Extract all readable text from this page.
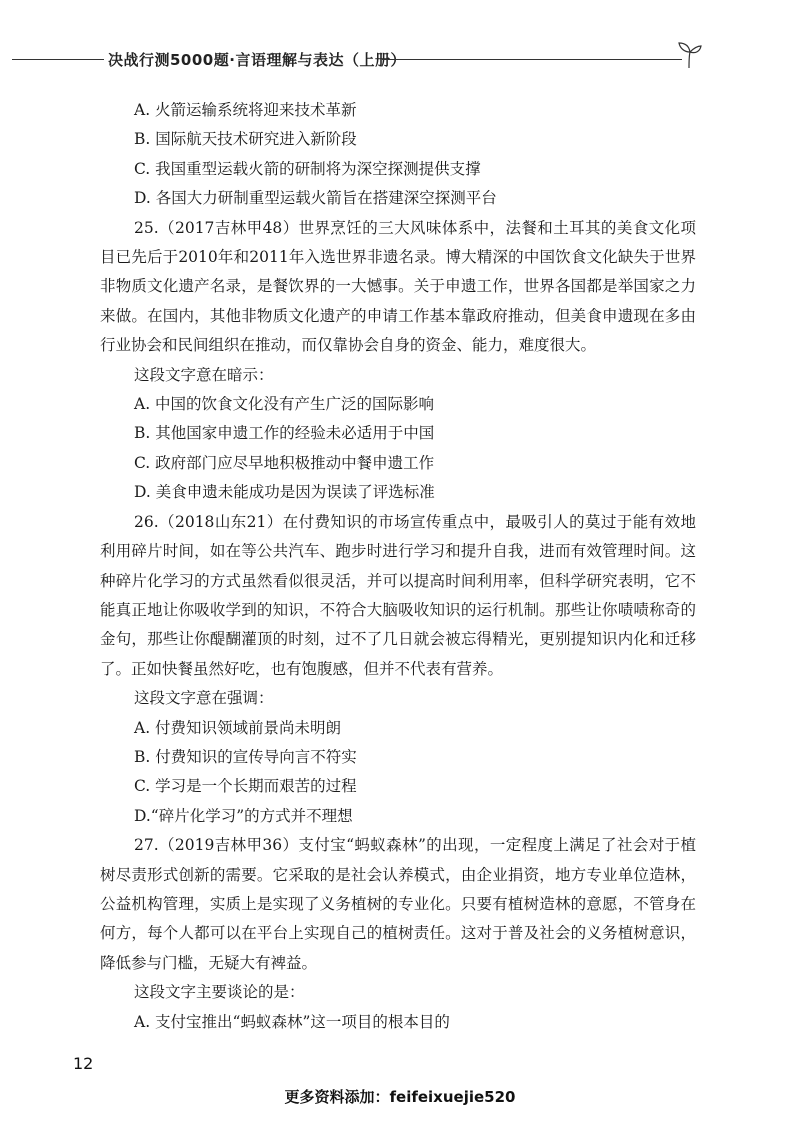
决战行测5000题·言语理解与表达（上册）
A. 火箭运输系统将迎来技术革新
B. 国际航天技术研究进入新阶段
C. 我国重型运载火箭的研制将为深空探测提供支撑
D. 各国大力研制重型运载火箭旨在搭建深空探测平台
25.（2017吉林甲48）世界烹饪的三大风味体系中，法餐和土耳其的美食文化项目已先后于2010年和2011年入选世界非遗名录。博大精深的中国饮食文化缺失于世界非物质文化遗产名录，是餐饮界的一大憾事。关于申遗工作，世界各国都是举国家之力来做。在国内，其他非物质文化遗产的申请工作基本靠政府推动，但美食申遗现在多由行业协会和民间组织在推动，而仅靠协会自身的资金、能力，难度很大。
这段文字意在暗示：
A. 中国的饮食文化没有产生广泛的国际影响
B. 其他国家申遗工作的经验未必适用于中国
C. 政府部门应尽早地积极推动中餐申遗工作
D. 美食申遗未能成功是因为误读了评选标准
26.（2018山东21）在付费知识的市场宣传重点中，最吸引人的莫过于能有效地利用碎片时间，如在等公共汽车、跑步时进行学习和提升自我，进而有效管理时间。这种碎片化学习的方式虽然看似很灵活，并可以提高时间利用率，但科学研究表明，它不能真正地让你吸收学到的知识，不符合大脑吸收知识的运行机制。那些让你啧啧称奇的金句，那些让你醍醐灌顶的时刻，过不了几日就会被忘得精光，更别提知识内化和迁移了。正如快餐虽然好吃，也有饱腹感，但并不代表有营养。
这段文字意在强调：
A. 付费知识领域前景尚未明朗
B. 付费知识的宣传导向言不符实
C. 学习是一个长期而艰苦的过程
D.“碎片化学习”的方式并不理想
27.（2019吉林甲36）支付宝“蚂蚁森林”的出现，一定程度上满足了社会对于植树尽责形式创新的需要。它采取的是社会认养模式，由企业捐资，地方专业单位造林，公益机构管理，实质上是实现了义务植树的专业化。只要有植树造林的意愿，不管身在何方，每个人都可以在平台上实现自己的植树责任。这对于普及社会的义务植树意识，降低参与门槛，无疑大有裨益。
这段文字主要谈论的是：
A. 支付宝推出“蚂蚁森林”这一项目的根本目的
12
更多资料添加：feifeixuejie520
